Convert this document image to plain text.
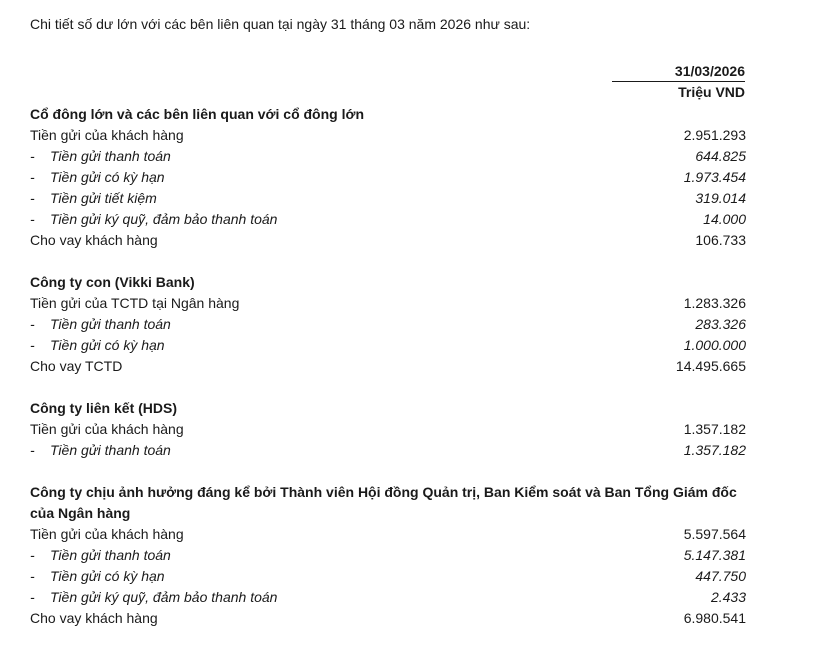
Chi tiết số dư lớn với các bên liên quan tại ngày 31 tháng 03 năm 2026 như sau:
31/03/2026
Triệu VND
Cổ đông lớn và các bên liên quan với cổ đông lớn
Tiền gửi của khách hàng	2.951.293
- Tiền gửi thanh toán	644.825
- Tiền gửi có kỳ hạn	1.973.454
- Tiền gửi tiết kiệm	319.014
- Tiền gửi ký quỹ, đảm bảo thanh toán	14.000
Cho vay khách hàng	106.733
Công ty con (Vikki Bank)
Tiền gửi của TCTD tại Ngân hàng	1.283.326
- Tiền gửi thanh toán	283.326
- Tiền gửi có kỳ hạn	1.000.000
Cho vay TCTD	14.495.665
Công ty liên kết (HDS)
Tiền gửi của khách hàng	1.357.182
- Tiền gửi thanh toán	1.357.182
Công ty chịu ảnh hưởng đáng kể bởi Thành viên Hội đồng Quản trị, Ban Kiểm soát và Ban Tổng Giám đốc của Ngân hàng
Tiền gửi của khách hàng	5.597.564
- Tiền gửi thanh toán	5.147.381
- Tiền gửi có kỳ hạn	447.750
- Tiền gửi ký quỹ, đảm bảo thanh toán	2.433
Cho vay khách hàng	6.980.541
